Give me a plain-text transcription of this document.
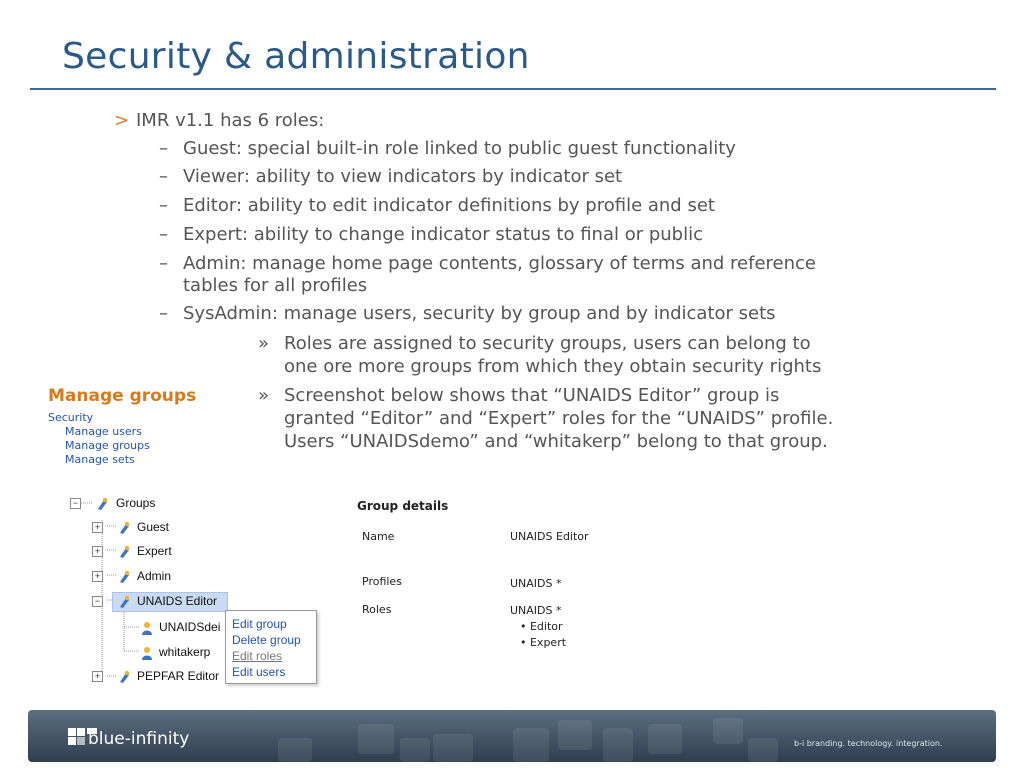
Security & administration
> IMR v1.1 has 6 roles:
– Guest: special built-in role linked to public guest functionality
– Viewer: ability to view indicators by indicator set
– Editor: ability to edit indicator definitions by profile and set
– Expert: ability to change indicator status to final or public
– Admin: manage home page contents, glossary of terms and reference
tables for all profiles
– SysAdmin: manage users, security by group and by indicator sets
» Roles are assigned to security groups, users can belong to
one ore more groups from which they obtain security rights
» Screenshot below shows that “UNAIDS Editor” group is
granted “Editor” and “Expert” roles for the “UNAIDS” profile.
Users “UNAIDSdemo” and “whitakerp” belong to that group.
Manage groups
Security
Manage users
Manage groups
Manage sets
−	Groups
+	Guest
+	Expert
+	Admin
−	UNAIDS Editor
UNAIDSdei
whitakerp
+	PEPFAR Editor
Edit group
Delete group
Edit roles
Edit users
Group details
Name	UNAIDS Editor
Profiles	UNAIDS *
Roles	UNAIDS *
• Editor
• Expert
blue-infinity	b-i branding. technology. integration.
